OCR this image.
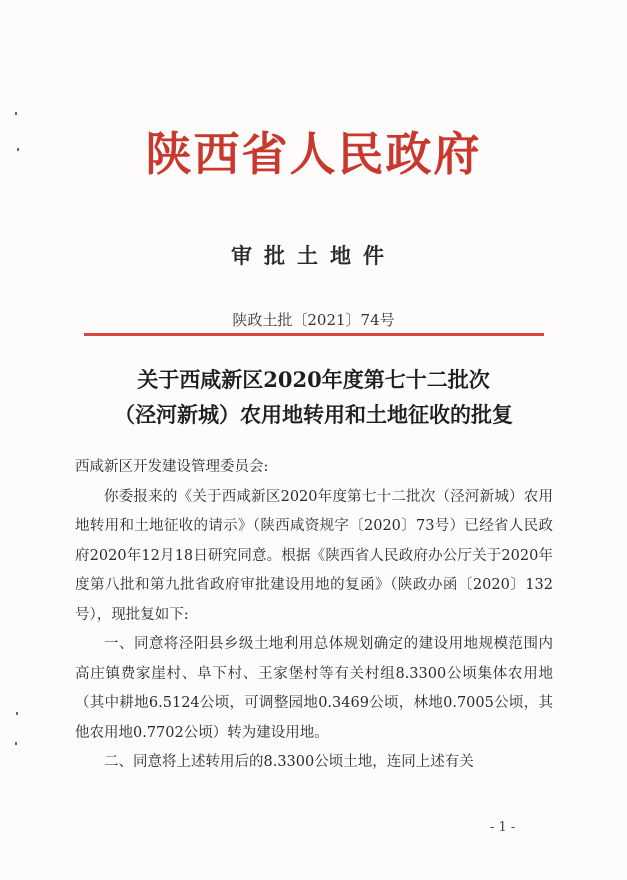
陕西省人民政府
审批土地件
陕政土批〔2021〕74号
关于西咸新区2020年度第七十二批次
（泾河新城）农用地转用和土地征收的批复

西咸新区开发建设管理委员会:

你委报来的《关于西咸新区2020年度第七十二批次（泾河新城）农用地转用和土地征收的请示》（陕西咸资规字〔2020〕73号）已经省人民政府2020年12月18日研究同意。根据《陕西省人民政府办公厅关于2020年度第八批和第九批省政府审批建设用地的复函》（陕政办函〔2020〕132号），现批复如下:

一、同意将泾阳县乡级土地利用总体规划确定的建设用地规模范围内高庄镇费家崖村、阜下村、王家堡村等有关村组8.3300公顷集体农用地（其中耕地6.5124公顷，可调整园地0.3469公顷，林地0.7005公顷，其他农用地0.7702公顷）转为建设用地。

二、同意将上述转用后的8.3300公顷土地，连同上述有关

- 1 -
